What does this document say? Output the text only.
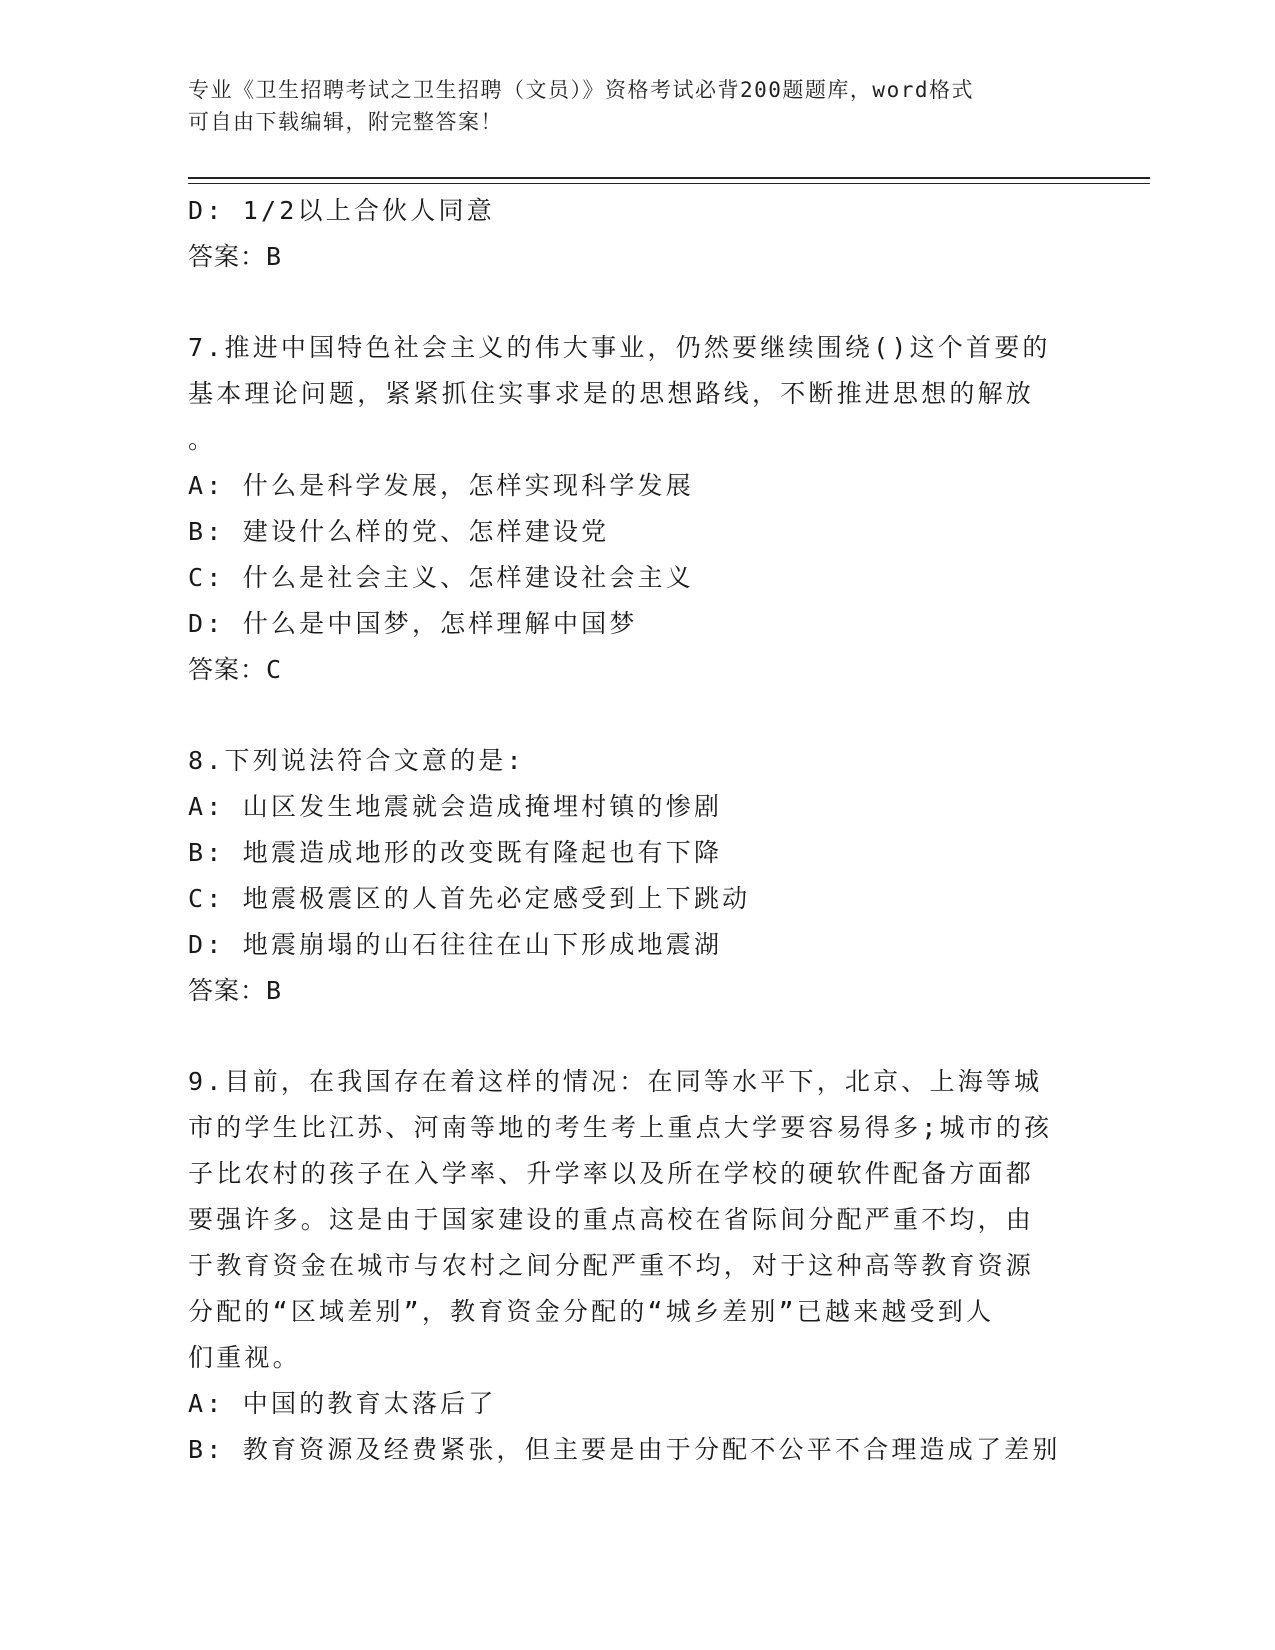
专业《卫生招聘考试之卫生招聘（文员）》资格考试必背200题题库，word格式
可自由下载编辑，附完整答案！
D: 1/2以上合伙人同意
答案：B
7.推进中国特色社会主义的伟大事业，仍然要继续围绕()这个首要的
基本理论问题，紧紧抓住实事求是的思想路线，不断推进思想的解放
。
A: 什么是科学发展，怎样实现科学发展
B: 建设什么样的党、怎样建设党
C: 什么是社会主义、怎样建设社会主义
D: 什么是中国梦，怎样理解中国梦
答案：C
8.下列说法符合文意的是:
A: 山区发生地震就会造成掩埋村镇的惨剧
B: 地震造成地形的改变既有隆起也有下降
C: 地震极震区的人首先必定感受到上下跳动
D: 地震崩塌的山石往往在山下形成地震湖
答案：B
9.目前，在我国存在着这样的情况：在同等水平下，北京、上海等城
市的学生比江苏、河南等地的考生考上重点大学要容易得多;城市的孩
子比农村的孩子在入学率、升学率以及所在学校的硬软件配备方面都
要强许多。这是由于国家建设的重点高校在省际间分配严重不均，由
于教育资金在城市与农村之间分配严重不均，对于这种高等教育资源
分配的“区域差别”，教育资金分配的“城乡差别”已越来越受到人
们重视。
A: 中国的教育太落后了
B: 教育资源及经费紧张，但主要是由于分配不公平不合理造成了差别
